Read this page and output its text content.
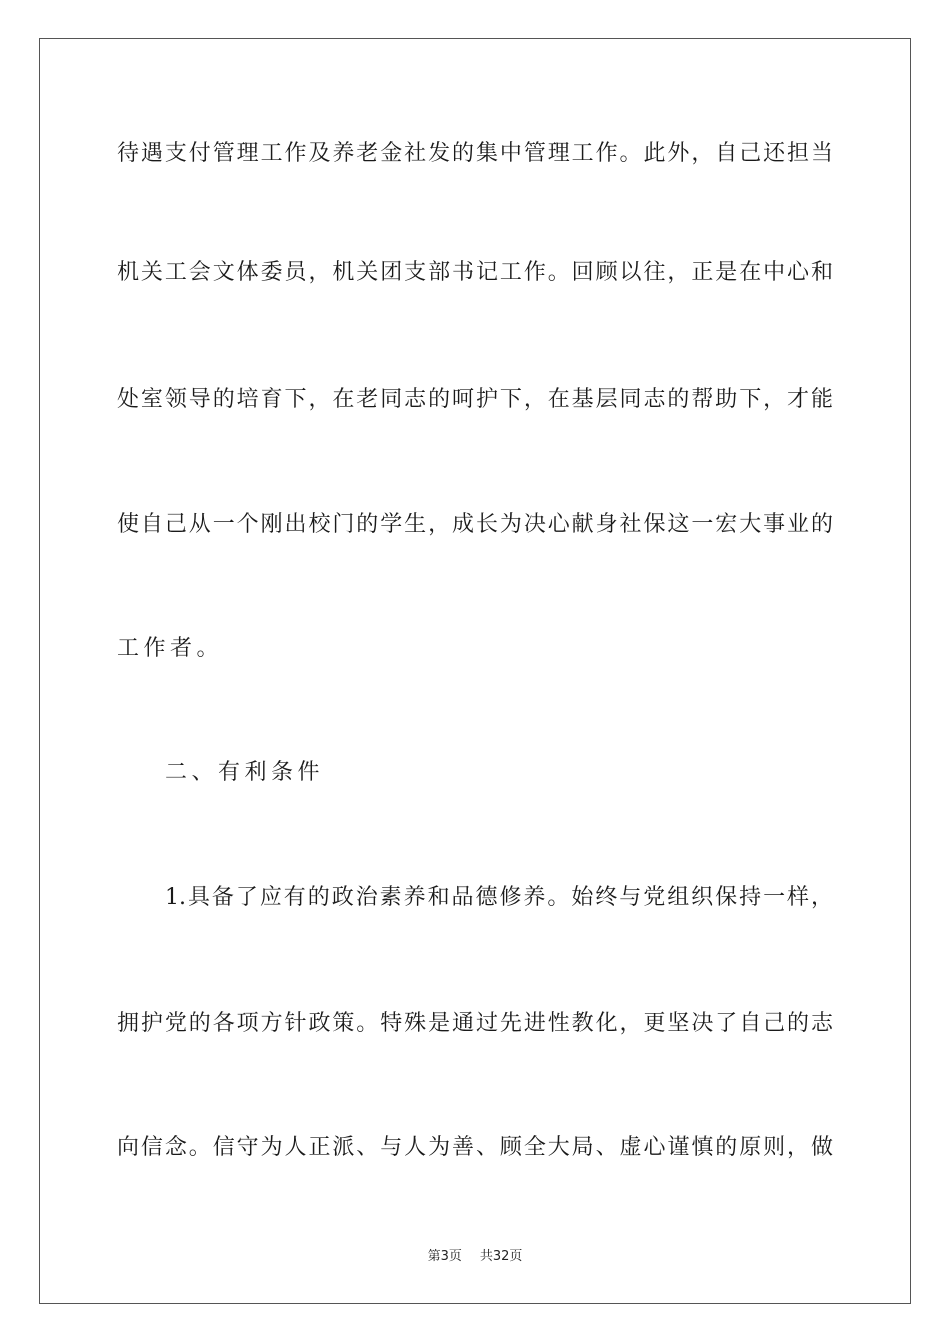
待遇支付管理工作及养老金社发的集中管理工作。此外，自己还担当
机关工会文体委员，机关团支部书记工作。回顾以往，正是在中心和
处室领导的培育下，在老同志的呵护下，在基层同志的帮助下，才能
使自己从一个刚出校门的学生，成长为决心献身社保这一宏大事业的
工作者。
二、有利条件
1.具备了应有的政治素养和品德修养。始终与党组织保持一样，
拥护党的各项方针政策。特殊是通过先进性教化，更坚决了自己的志
向信念。信守为人正派、与人为善、顾全大局、虚心谨慎的原则，做
第3页 共32页
